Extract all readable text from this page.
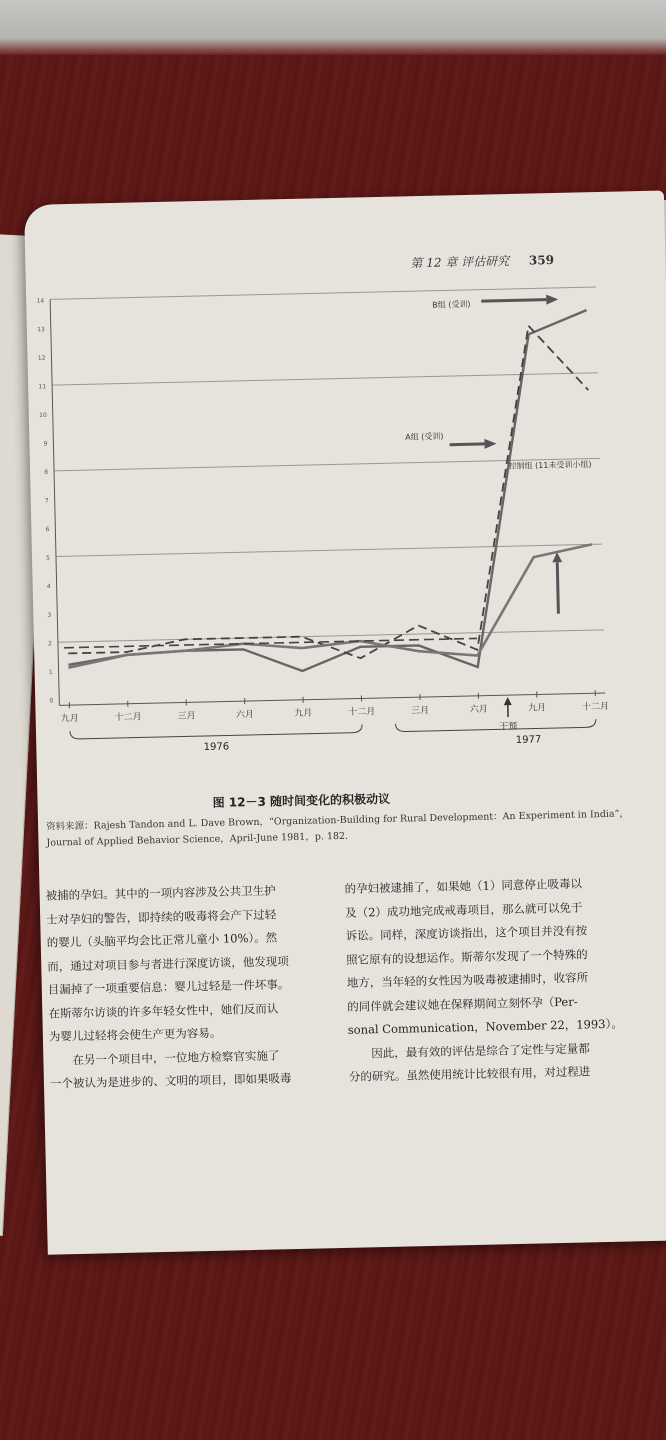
第 12 章 评估研究 359
0
1
2
3
4
5
6
7
8
9
10
11
12
13
14
九月	十二月	三月	六月	九月	十二月	三月	六月	九月	十二月
1976
1977
B组 (受训)
A组 (受训)
控制组 (11未受训小组)
干预
图 12－3 随时间变化的积极动议
资料来源：Rajesh Tandon and L. Dave Brown，“Organization-Building for Rural Development：An Experiment in India”，Journal of Applied Behavior Science，April-June 1981，p. 182.

被捕的孕妇。其中的一项内容涉及公共卫生护

士对孕妇的警告，即持续的吸毒将会产下过轻

的婴儿（头脑平均会比正常儿童小 10%）。然

而，通过对项目参与者进行深度访谈，他发现项

目漏掉了一项重要信息：婴儿过轻是一件坏事。

在斯蒂尔访谈的许多年轻女性中，她们反而认

为婴儿过轻将会使生产更为容易。

　　在另一个项目中，一位地方检察官实施了

一个被认为是进步的、文明的项目，即如果吸毒

的孕妇被逮捕了，如果她（1）同意停止吸毒以

及（2）成功地完成戒毒项目，那么就可以免于

诉讼。同样，深度访谈指出，这个项目并没有按

照它原有的设想运作。斯蒂尔发现了一个特殊的

地方，当年轻的女性因为吸毒被逮捕时，收容所

的同伴就会建议她在保释期间立刻怀孕（Per-

sonal Communication，November 22，1993）。

　　因此，最有效的评估是综合了定性与定量都

分的研究。虽然使用统计比较很有用，对过程进
